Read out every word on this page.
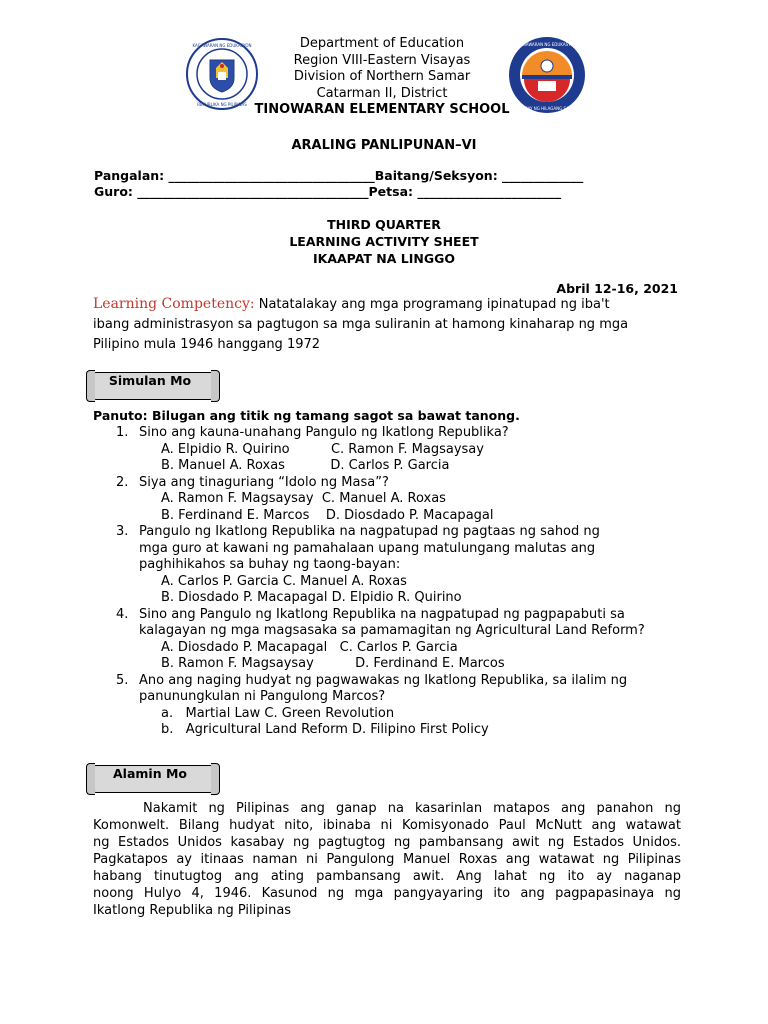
KAGAWARAN NG EDUKASYON
REPUBLIKA NG PILIPINAS
KAGAWARAN NG EDUKASYON
SANGAY NG HILAGANG SAMAR
Department of Education
Region VIII-Eastern Visayas
Division of Northern Samar
Catarman II, District
TINOWARAN ELEMENTARY SCHOOL
ARALING PANLIPUNAN–VI
Pangalan: _________________________________Baitang/Seksyon: _____________
Guro: _____________________________________Petsa: _______________________
THIRD QUARTER
LEARNING ACTIVITY SHEET
IKAAPAT NA LINGGO
Abril 12-16, 2021
Learning Competency: Natatalakay ang mga programang ipinatupad ng iba't
ibang administrasyon sa pagtugon sa mga suliranin at hamong kinaharap ng mga
Pilipino mula 1946 hanggang 1972
Simulan Mo
Panuto: Bilugan ang titik ng tamang sagot sa bawat tanong.
1. Sino ang kauna-unahang Pangulo ng Ikatlong Republika?
A. Elpidio R. Quirino          C. Ramon F. Magsaysay
B. Manuel A. Roxas           D. Carlos P. Garcia
2. Siya ang tinaguriang “Idolo ng Masa”?
A. Ramon F. Magsaysay  C. Manuel A. Roxas
B. Ferdinand E. Marcos    D. Diosdado P. Macapagal
3. Pangulo ng Ikatlong Republika na nagpatupad ng pagtaas ng sahod ng
mga guro at kawani ng pamahalaan upang matulungang malutas ang
paghihikahos sa buhay ng taong-bayan:
A. Carlos P. Garcia C. Manuel A. Roxas
B. Diosdado P. Macapagal D. Elpidio R. Quirino
4. Sino ang Pangulo ng Ikatlong Republika na nagpatupad ng pagpapabuti sa
kalagayan ng mga magsasaka sa pamamagitan ng Agricultural Land Reform?
A. Diosdado P. Macapagal   C. Carlos P. Garcia
B. Ramon F. Magsaysay          D. Ferdinand E. Marcos
5. Ano ang naging hudyat ng pagwawakas ng Ikatlong Republika, sa ilalim ng
panunungkulan ni Pangulong Marcos?
a.   Martial Law C. Green Revolution
b.   Agricultural Land Reform D. Filipino First Policy
Alamin Mo
Nakamit ng Pilipinas ang ganap na kasarinlan matapos ang panahon ng
Komonwelt. Bilang hudyat nito, ibinaba ni Komisyonado Paul McNutt ang watawat
ng Estados Unidos kasabay ng pagtugtog ng pambansang awit ng Estados Unidos.
Pagkatapos ay itinaas naman ni Pangulong Manuel Roxas ang watawat ng Pilipinas
habang tinutugtog ang ating pambansang awit. Ang lahat ng ito ay naganap
noong Hulyo 4, 1946. Kasunod ng mga pangyayaring ito ang pagpapasinaya ng
Ikatlong Republika ng Pilipinas
